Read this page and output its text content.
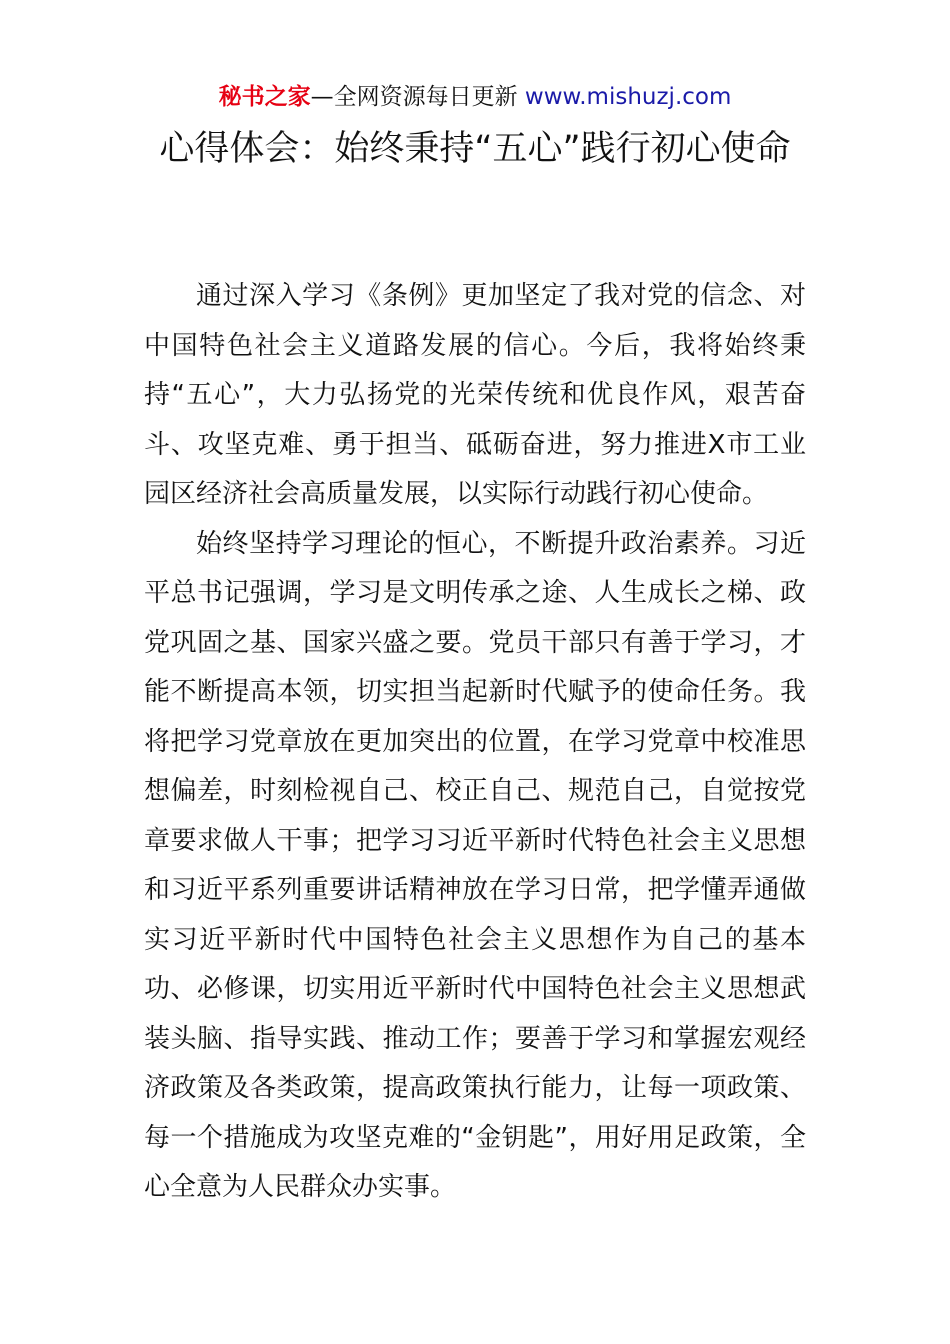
秘书之家—全网资源每日更新 www.mishuzj.com
心得体会：始终秉持“五心”践行初心使命

通过深入学习《条例》更加坚定了我对党的信念、对中国特色社会主义道路发展的信心。今后，我将始终秉持“五心”，大力弘扬党的光荣传统和优良作风，艰苦奋斗、攻坚克难、勇于担当、砥砺奋进，努力推进X市工业园区经济社会高质量发展，以实际行动践行初心使命。

始终坚持学习理论的恒心，不断提升政治素养。习近平总书记强调，学习是文明传承之途、人生成长之梯、政党巩固之基、国家兴盛之要。党员干部只有善于学习，才能不断提高本领，切实担当起新时代赋予的使命任务。我将把学习党章放在更加突出的位置，在学习党章中校准思想偏差，时刻检视自己、校正自己、规范自己，自觉按党章要求做人干事；把学习习近平新时代特色社会主义思想和习近平系列重要讲话精神放在学习日常，把学懂弄通做实习近平新时代中国特色社会主义思想作为自己的基本功、必修课，切实用近平新时代中国特色社会主义思想武装头脑、指导实践、推动工作；要善于学习和掌握宏观经济政策及各类政策，提高政策执行能力，让每一项政策、每一个措施成为攻坚克难的“金钥匙”，用好用足政策，全心全意为人民群众办实事。
